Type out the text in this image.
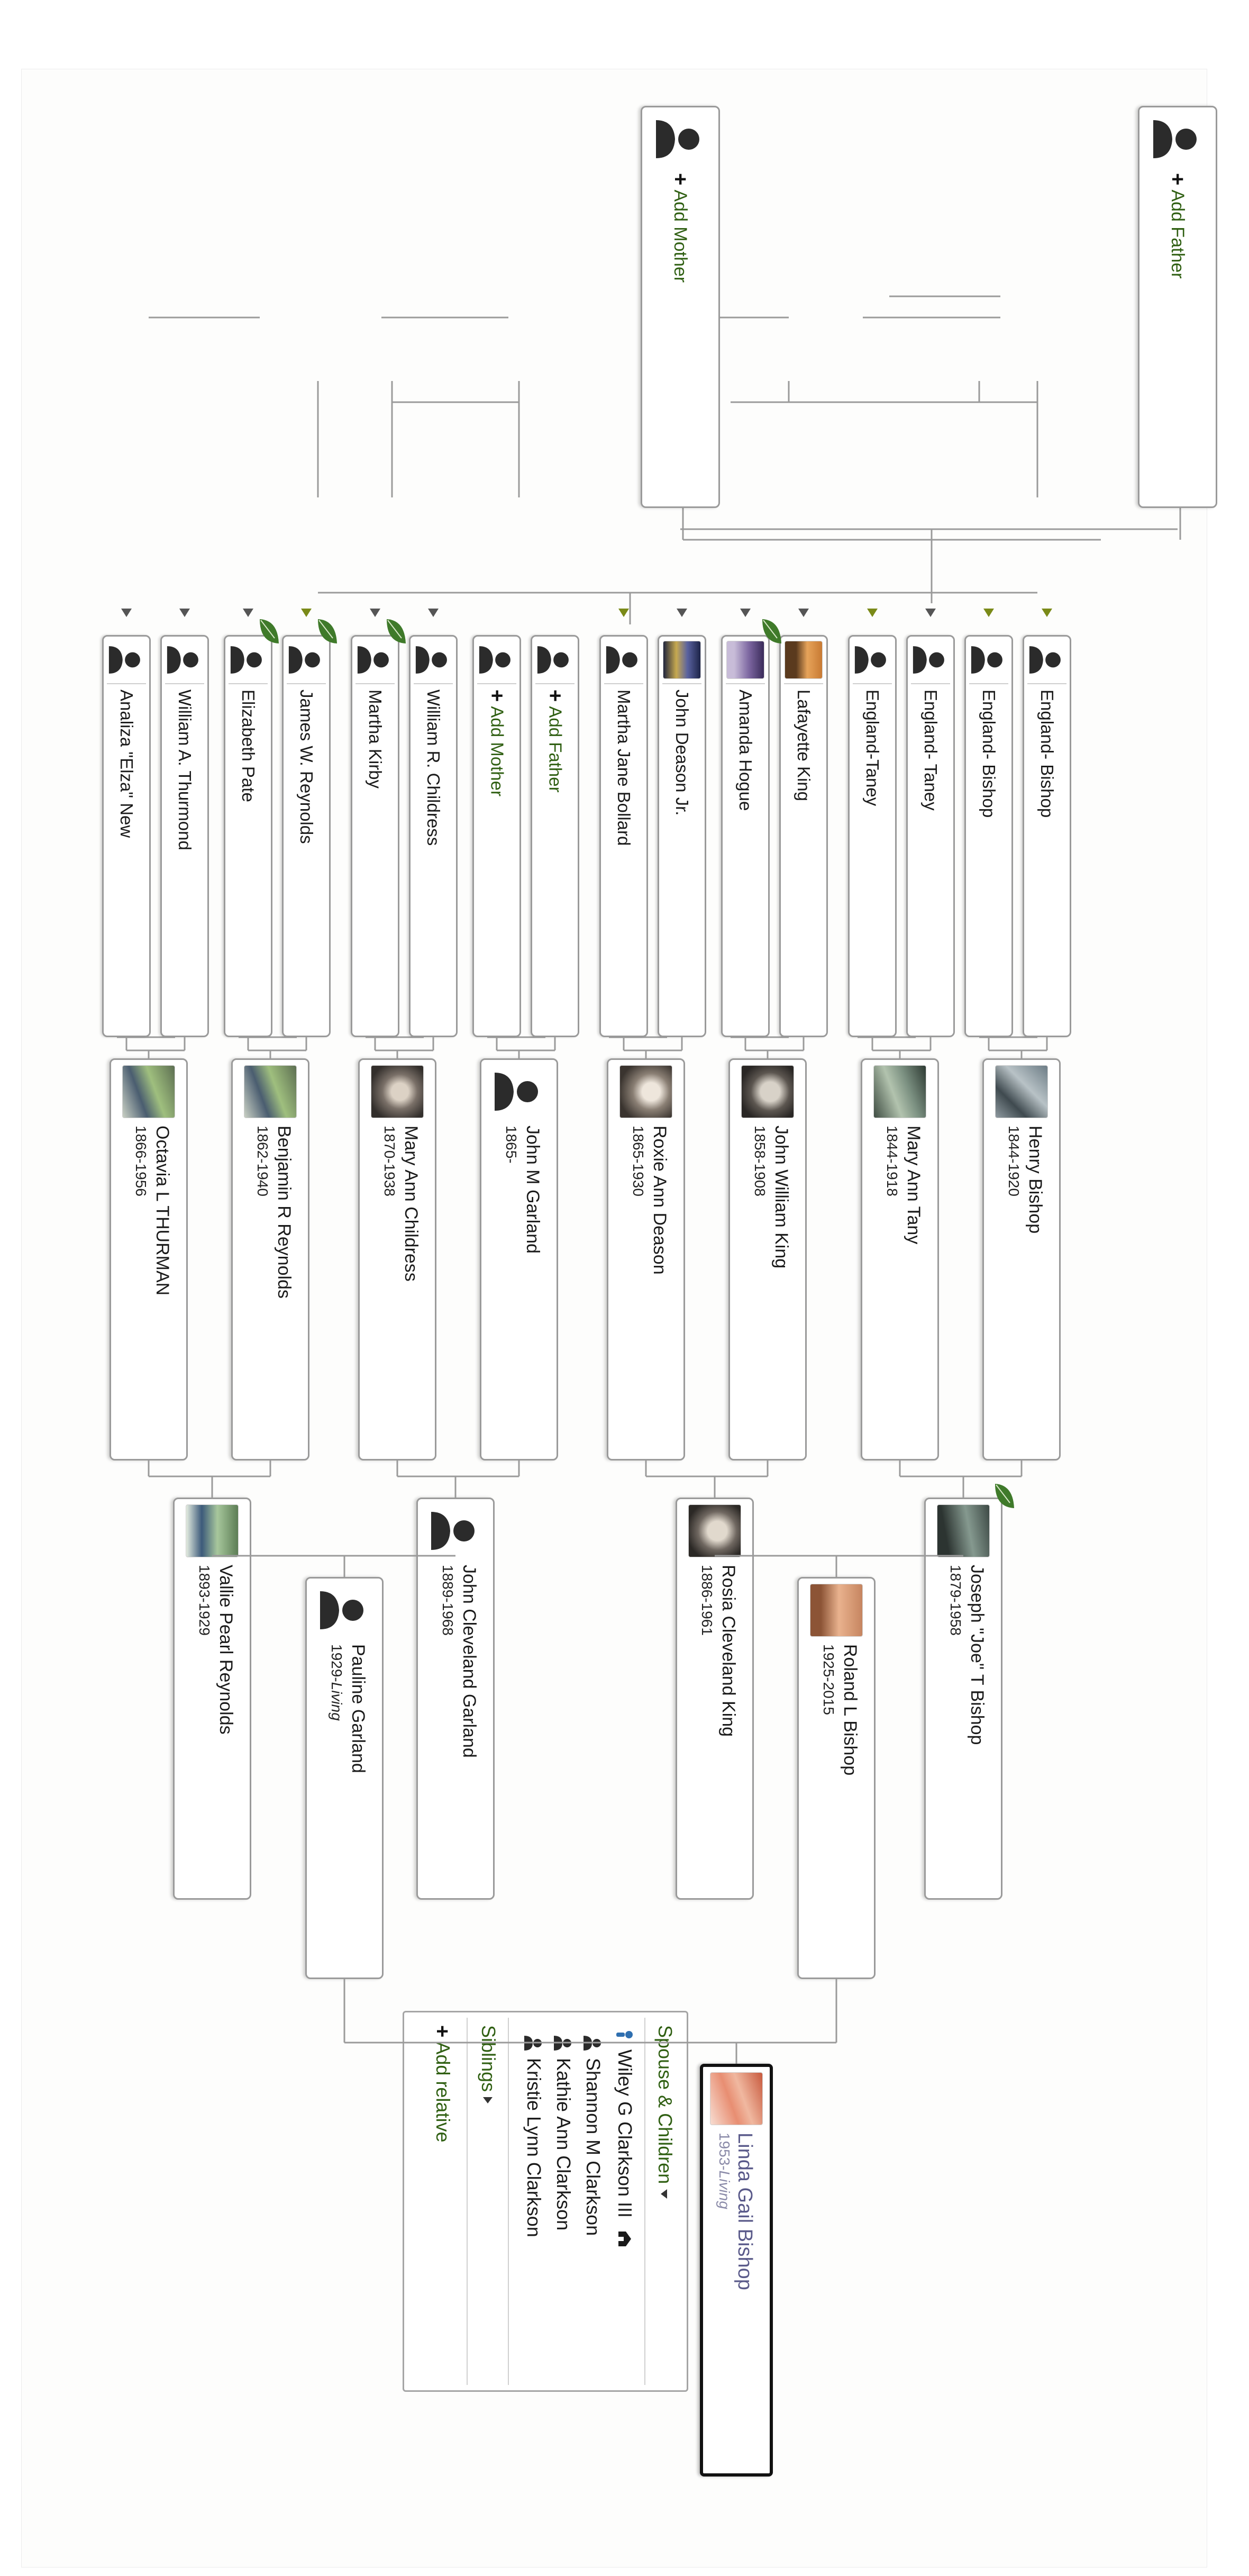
+Add Father
+Add Mother
England- Bishop
England- Bishop
England- Taney
England-Taney
Lafayette King
Amanda Hogue
John Deason Jr.
Martha Jane Bollard
+Add Father
+Add Mother
William R. Childress
Martha Kirby
James W. Reynolds
Elizabeth Pate
William A. Thurmond
Analiza "Elza" New
Henry Bishop
1844-1920
Mary Ann Tany
1844-1918
John William King
1858-1908
Roxie Ann Deason
1865-1930
John M Garland
1865-
Mary Ann Childress
1870-1938
Benjamin R Reynolds
1862-1940
Octavia L THURMAN
1866-1956
Joseph "Joe" T Bishop
1879-1958
Rosia Cleveland King
1886-1961
John Cleveland Garland
1889-1968
Vallie Pearl Reynolds
1893-1929
Roland L Bishop
1925-2015
Pauline Garland
1929-Living
Spouse & Children
Wiley G Clarkson III
Shannon M Clarkson
Kathie Ann Clarkson
Kristie Lynn Clarkson
Siblings
+Add relative
Linda Gail Bishop
1953-Living
